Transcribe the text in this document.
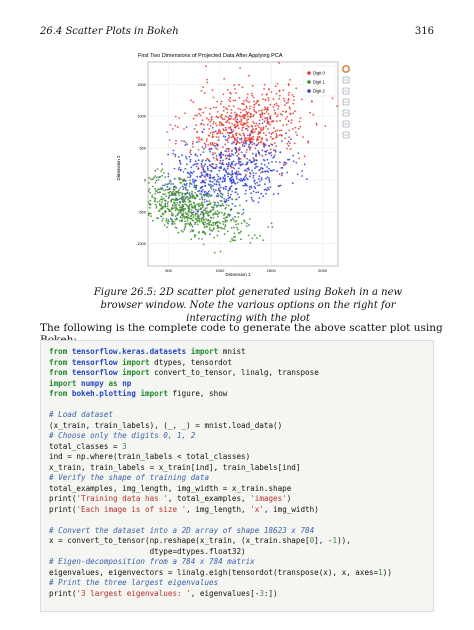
26.4 Scatter Plots in Bokeh	316
First Two Dimensions of Projected Data After Applying PCA
500	1000	1500	2000
1500
1000
500
0
-500
-1000
Digit 0
Digit 1
Digit 2
Dimension 1
Dimension 2
Figure 26.5: 2D scatter plot generated using Bokeh in a new browser window. Note the various options on the right for interacting with the plot
The following is the complete code to generate the above scatter plot using
from tensorflow.keras.datasets import mnist
from tensorflow import dtypes, tensordot
from tensorflow import convert_to_tensor, linalg, transpose
import numpy as np
from bokeh.plotting import figure, show

# Load dataset
(x_train, train_labels), (_, _) = mnist.load_data()
# Choose only the digits 0, 1, 2
total_classes = 3
ind = np.where(train_labels < total_classes)
x_train, train_labels = x_train[ind], train_labels[ind]
# Verify the shape of training data
total_examples, img_length, img_width = x_train.shape
print('Training data has ', total_examples, 'images')
print('Each image is of size ', img_length, 'x', img_width)

# Convert the dataset into a 2D array of shape 18623 x 784
x = convert_to_tensor(np.reshape(x_train, (x_train.shape[0], -1)),
dtype=dtypes.float32)
# Eigen-decomposition from a 784 x 784 matrix
eigenvalues, eigenvectors = linalg.eigh(tensordot(transpose(x), x, axes=1))
# Print the three largest eigenvalues
print('3 largest eigenvalues: ', eigenvalues[-3:])
